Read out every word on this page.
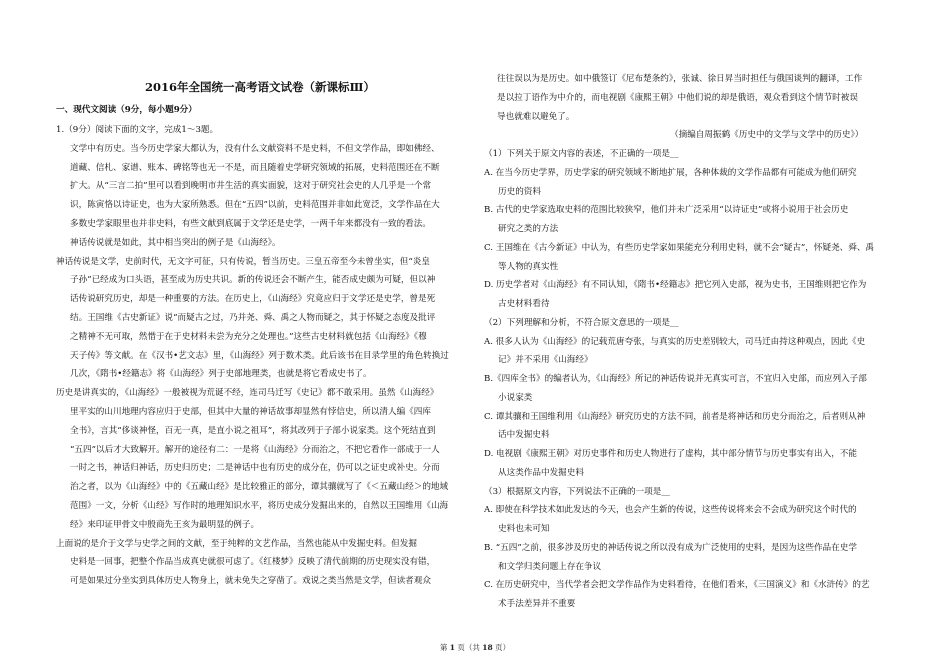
2016年全国统一高考语文试卷（新课标Ⅲ）
一、现代文阅读（9分，每小题9分）
1.（9分）阅读下面的文字，完成1～3题。
文学中有历史。当今历史学家大都认为，没有什么文献资料不是史料，不但文学作品，即如佛经、
道藏、信札、家谱、账本、碑铭等也无一不是，而且随着史学研究领域的拓展，史料范围还在不断
扩大。从“三言二拍”里可以看到晚明市井生活的真实面貌，这对于研究社会史的人几乎是一个常
识，陈寅恪以诗证史，也为大家所熟悉。但在“五四”以前，史料范围并非如此宽泛，文学作品在大
多数史学家眼里也并非史料，有些文献到底属于文学还是史学，一两千年来都没有一致的看法。
神话传说就是如此，其中相当突出的例子是《山海经》。
神话传说是文学，史前时代，无文字可征，只有传说，暂当历史。三皇五帝至今未曾坐实，但“炎皇
子孙”已经成为口头语，甚至成为历史共识。新的传说还会不断产生，能否成史颇为可疑，但以神
话传说研究历史，却是一种重要的方法。在历史上，《山海经》究竟应归于文学还是史学，曾是死
结。王国维《古史新证》说“而疑古之过，乃并尧、舜、禹之人物而疑之，其于怀疑之态度及批评
之精神不无可取，然惜于在于史材料未尝为充分之处理也。”这些古史材料就包括《山海经》《穆
天子传》等文献。在《汉书•艺文志》里，《山海经》列于数术类。此后该书在目录学里的角色转换过
几次，《隋书•经籍志》将《山海经》列于史部地理类，也就是将它看成史书了。
历史是讲真实的，《山海经》一般被视为荒诞不经，连司马迁写《史记》都不敢采用。虽然《山海经》
里平实的山川地理内容应归于史部，但其中大量的神话故事却显然有悖信史，所以清人编《四库
全书》，言其“侈谈神怪，百无一真，是直小说之祖耳”，将其改列于子部小说家类。这个死结直到
“五四”以后才大致解开。解开的途径有二：一是将《山海经》分而治之，不把它看作一部成于一人
一时之书，神话归神话，历史归历史；二是神话中也有历史的成分在，仍可以之证史或补史。分而
治之者，以为《山海经》中的《五藏山经》是比较雅正的部分，谭其骧就写了《＜五藏山经＞的地域
范围》一文，分析《山经》写作时的地理知识水平，将历史成分发掘出来的，自然以王国维用《山海
经》来印证甲骨文中殷商先王亥为最明显的例子。
上面说的是介于文学与史学之间的文献，至于纯粹的文艺作品，当然也能从中发掘史料。但发掘
史料是一回事，把整个作品当成真史就很可虑了。《红楼梦》反映了清代前期的历史现实没有错，
可是如果过分坐实到具体历史人物身上，就未免失之穿凿了。戏说之类当然是文学，但读者观众
往往误以为是历史。如中俄签订《尼布楚条约》，张诚、徐日昇当时担任与俄国谈判的翻译，工作
是以拉丁语作为中介的，而电视剧《康熙王朝》中他们说的却是俄语，观众看到这个情节时被误
导也就难以避免了。
（摘编自周振鹤《历史中的文学与文学中的历史》）
（1）下列关于原文内容的表述，不正确的一项是__
A. 在当今历史学界，历史学家的研究领域不断地扩展，各种体裁的文学作品都有可能成为他们研究
历史的资料
B. 古代的史学家选取史料的范围比较狭窄，他们并未广泛采用“以诗证史”或将小说用于社会历史
研究之类的方法
C. 王国维在《古今新证》中认为，有些历史学家如果能充分利用史料，就不会“疑古”，怀疑尧、舜、禹
等人物的真实性
D. 历史学者对《山海经》有不同认知，《隋书•经籍志》把它列入史部，视为史书，王国维则把它作为
古史材料看待
（2）下列理解和分析，不符合原文意思的一项是__
A. 很多人认为《山海经》的记载荒唐夸张，与真实的历史差别较大，司马迁由持这种观点，因此《史
记》并不采用《山海经》
B.《四库全书》的编者认为，《山海经》所记的神话传说并无真实可言，不宜归入史部，而应列入子部
小说家类
C. 谭其骧和王国维利用《山海经》研究历史的方法不同，前者是将神话和历史分而治之，后者则从神
话中发掘史料
D. 电视剧《康熙王朝》对历史事件和历史人物进行了虚构，其中部分情节与历史事实有出入，不能
从这类作品中发掘史料
（3）根据原文内容，下列说法不正确的一项是__
A. 即使在科学技术如此发达的今天，也会产生新的传说，这些传说将来会不会成为研究这个时代的
史料也未可知
B. “五四”之前，很多涉及历史的神话传说之所以没有成为广泛使用的史料，是因为这些作品在史学
和文学归类问题上存在争议
C. 在历史研究中，当代学者会把文学作品作为史料看待，在他们看来，《三国演义》和《水浒传》的艺
术手法差异并不重要
第 1 页（共 18 页）
